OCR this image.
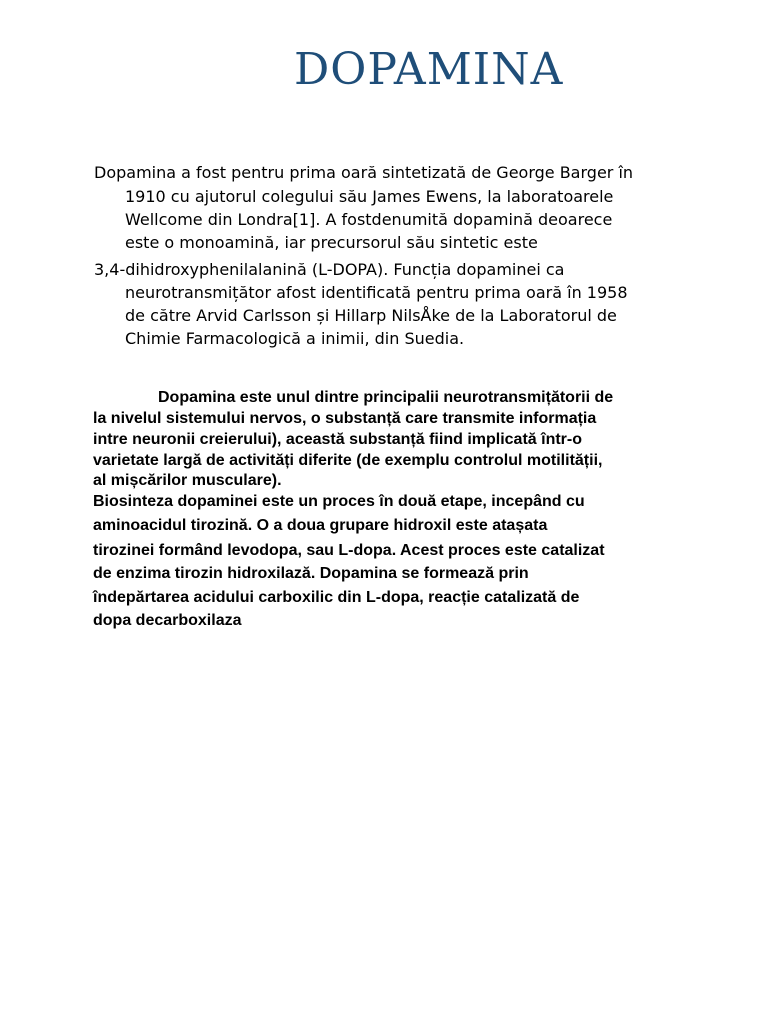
DOPAMINA
Dopamina a fost pentru prima oară sintetizată de George Barger în
1910 cu ajutorul colegului său James Ewens, la laboratoarele
Wellcome din Londra[1]. A fostdenumită dopamină deoarece
este o monoamină, iar precursorul său sintetic este
3,4-dihidroxyphenilalanină (L-DOPA). Funcția dopaminei ca
neurotransmițător afost identificată pentru prima oară în 1958
de către Arvid Carlsson și Hillarp NilsÅke de la Laboratorul de
Chimie Farmacologică a inimii, din Suedia.
Dopamina este unul dintre principalii neurotransmițătorii de
la nivelul sistemului nervos, o substanță care transmite informația
intre neuronii creierului), această substanță fiind implicată într-o
varietate largă de activități diferite (de exemplu controlul motilității,
al mișcărilor musculare).
Biosinteza dopaminei este un proces în două etape, incepând cu
aminoacidul tirozină. O a doua grupare hidroxil este atașata
tirozinei formând levodopa, sau L-dopa. Acest proces este catalizat
de enzima tirozin hidroxilază. Dopamina se formează prin
îndepărtarea acidului carboxilic din L-dopa, reacție catalizată de
dopa decarboxilaza
